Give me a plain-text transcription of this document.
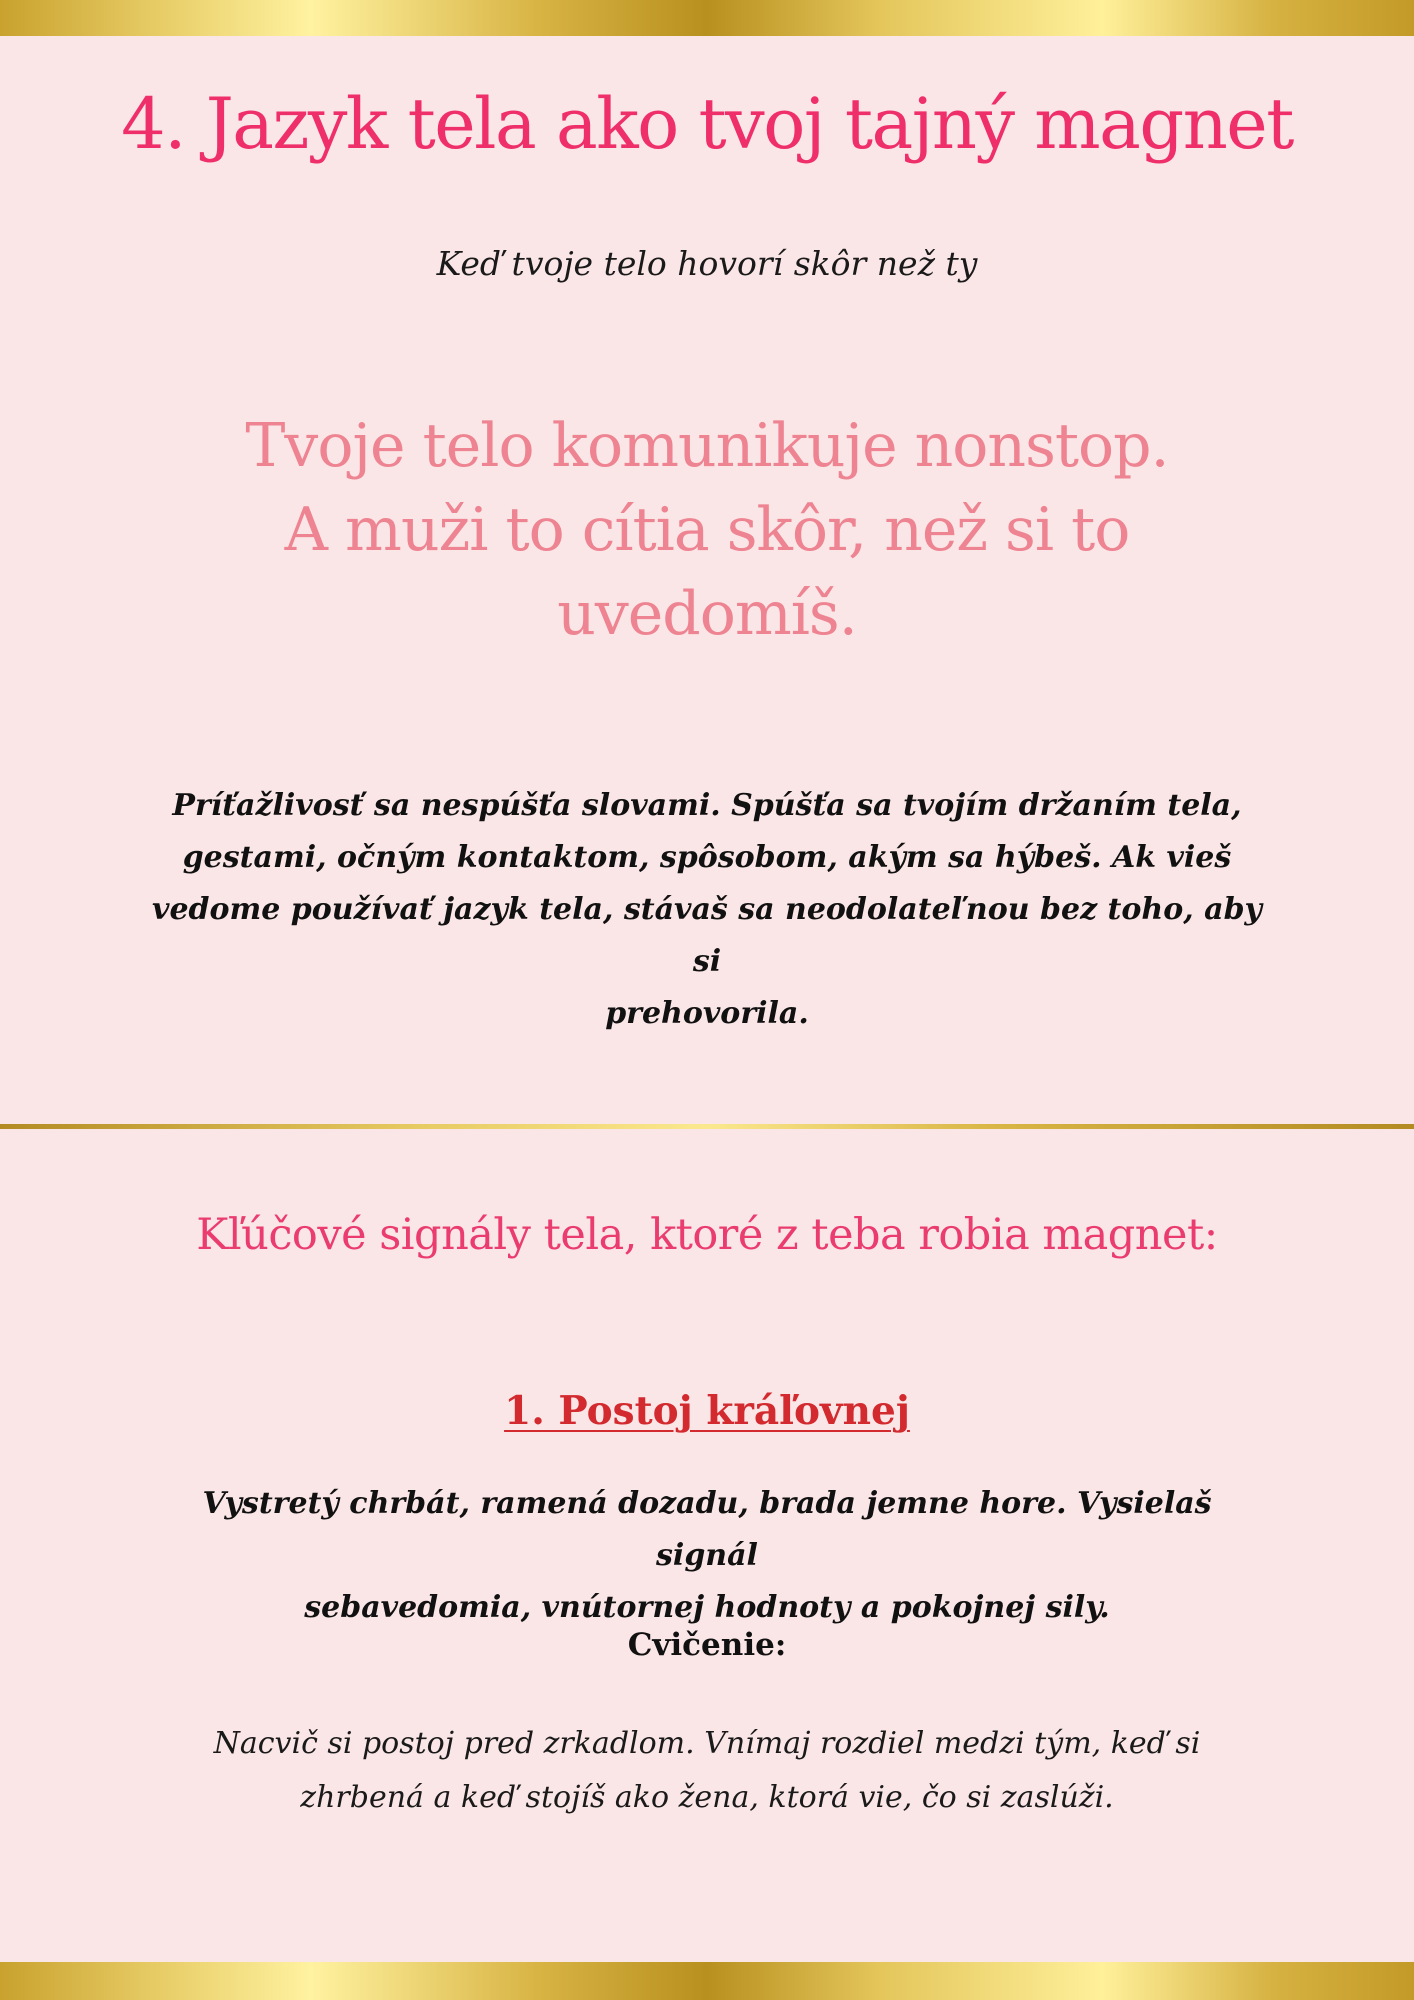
4. Jazyk tela ako tvoj tajný magnet
Keď tvoje telo hovorí skôr než ty
Tvoje telo komunikuje nonstop.
A muži to cítia skôr, než si to
uvedomíš.
Príťažlivosť sa nespúšťa slovami. Spúšťa sa tvojím držaním tela,
gestami, očným kontaktom, spôsobom, akým sa hýbeš. Ak vieš
vedome používať jazyk tela, stávaš sa neodolateľnou bez toho, aby si
prehovorila.
Kľúčové signály tela, ktoré z teba robia magnet:
1. Postoj kráľovnej
Vystretý chrbát, ramená dozadu, brada jemne hore. Vysielaš signál
sebavedomia, vnútornej hodnoty a pokojnej sily.
Cvičenie:
Nacvič si postoj pred zrkadlom. Vnímaj rozdiel medzi tým, keď si
zhrbená a keď stojíš ako žena, ktorá vie, čo si zaslúži.
